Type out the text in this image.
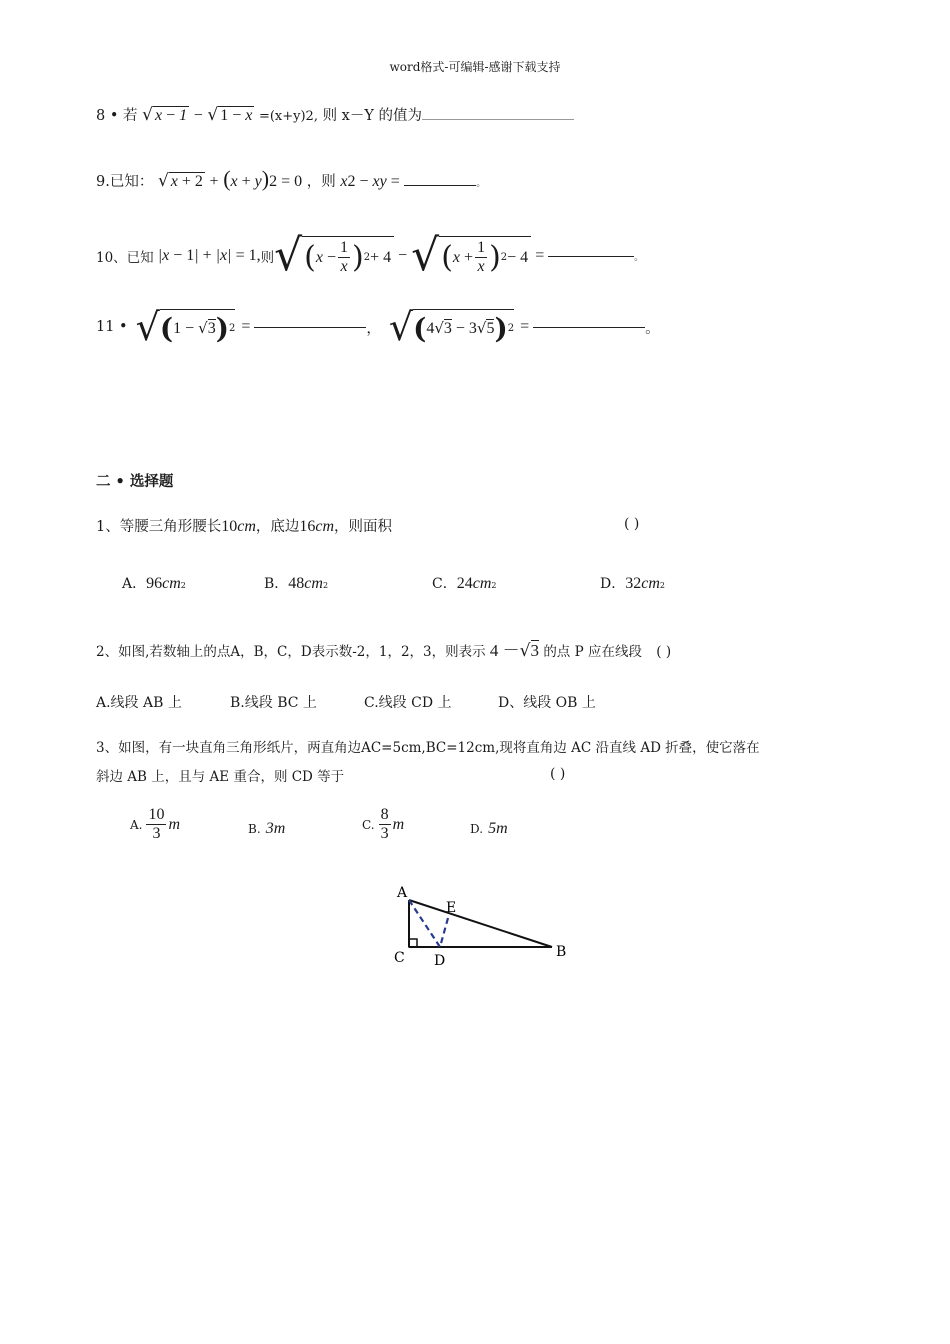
word格式-可编辑-感谢下载支持
8 • 若 √ x − 1 − √ 1 − x =(x+y)2, 则 x－Y 的值为
9.已知： √ x + 2 + (x + y)2 = 0 ，则 x2 − xy =	。
10、已知 |x − 1| + |x| = 1, 则 √ ( $x - \frac{1}{x}$ ) 2 + 4 − √ ( $x + \frac{1}{x}$ ) 2 − 4 =	。
11 • √ ( 1 − √3 ) 2 =	， √ ( 4√3 − 3√5 ) 2 =	。
二 • 选择题
1、等腰三角形腰长10cm，底边16cm，则面积	( )
A．96cm2	B．48cm2	C．24cm2	D．32cm2
2、如图,若数轴上的点A，B，C，D表示数-2，1，2，3，则表示 4 －√3 的点 P 应在线段 ( )
A.线段 AB 上	B.线段 BC 上	C.线段 CD 上	D、线段 OB 上
3、如图，有一块直角三角形纸片，两直角边AC=5cm,BC=12cm,现将直角边 AC 沿直线 AD 折叠，使它落在
斜边 AB 上，且与 AE 重合，则 CD 等于	( )
A. $\frac{10}{3}$ m	B. 3m	C. $\frac{8}{3}$ m	D. 5m
A
E
C D
B
